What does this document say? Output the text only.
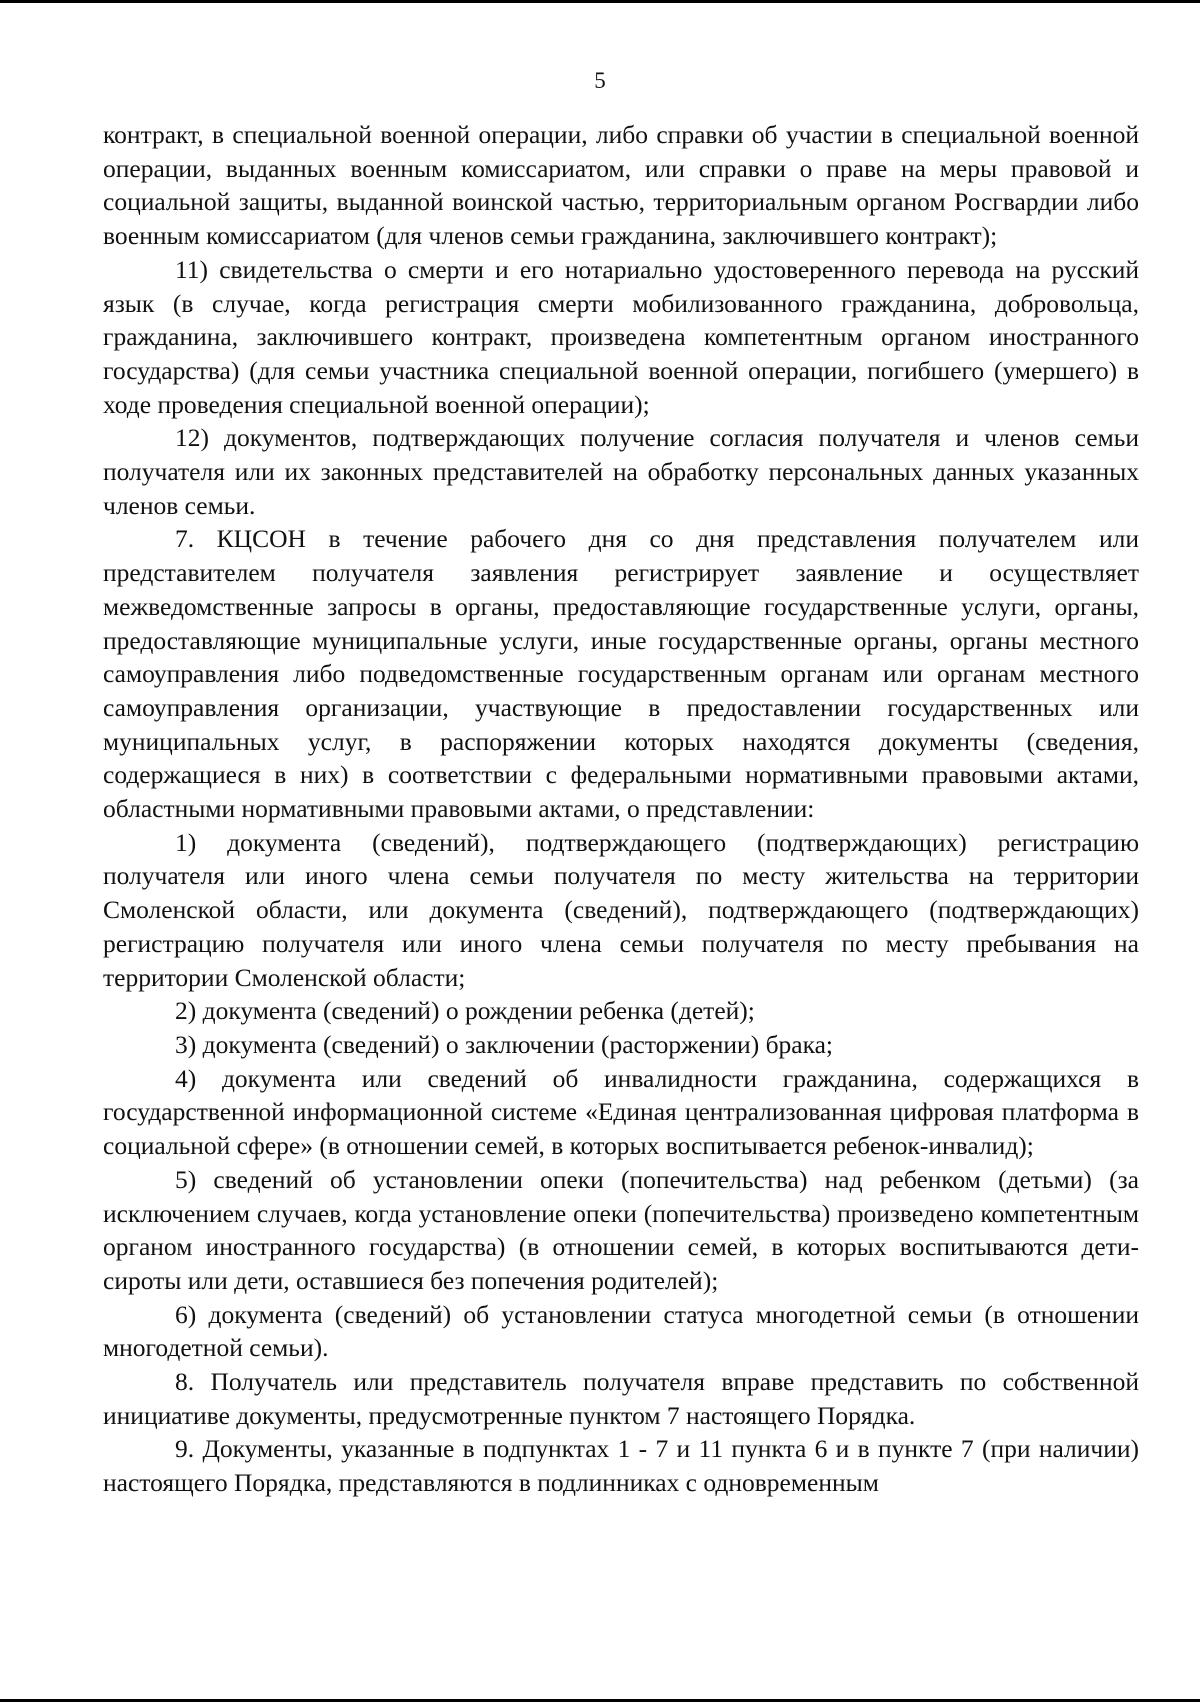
5

контракт, в специальной военной операции, либо справки об участии в специальной военной операции, выданных военным комиссариатом, или справки о праве на меры правовой и социальной защиты, выданной воинской частью, территориальным органом Росгвардии либо военным комиссариатом (для членов семьи гражданина, заключившего контракт);

11) свидетельства о смерти и его нотариально удостоверенного перевода на русский язык (в случае, когда регистрация смерти мобилизованного гражданина, добровольца, гражданина, заключившего контракт, произведена компетентным органом иностранного государства) (для семьи участника специальной военной операции, погибшего (умершего) в ходе проведения специальной военной операции);

12) документов, подтверждающих получение согласия получателя и членов семьи получателя или их законных представителей на обработку персональных данных указанных членов семьи.

7. КЦСОН в течение рабочего дня со дня представления получателем или представителем получателя заявления регистрирует заявление и осуществляет межведомственные запросы в органы, предоставляющие государственные услуги, органы, предоставляющие муниципальные услуги, иные государственные органы, органы местного самоуправления либо подведомственные государственным органам или органам местного самоуправления организации, участвующие в предоставлении государственных или муниципальных услуг, в распоряжении которых находятся документы (сведения, содержащиеся в них) в соответствии с федеральными нормативными правовыми актами, областными нормативными правовыми актами, о представлении:

1) документа (сведений), подтверждающего (подтверждающих) регистрацию получателя или иного члена семьи получателя по месту жительства на территории Смоленской области, или документа (сведений), подтверждающего (подтверждающих) регистрацию получателя или иного члена семьи получателя по месту пребывания на территории Смоленской области;

2) документа (сведений) о рождении ребенка (детей);

3) документа (сведений) о заключении (расторжении) брака;

4) документа или сведений об инвалидности гражданина, содержащихся в государственной информационной системе «Единая централизованная цифровая платформа в социальной сфере» (в отношении семей, в которых воспитывается ребенок-инвалид);

5) сведений об установлении опеки (попечительства) над ребенком (детьми) (за исключением случаев, когда установление опеки (попечительства) произведено компетентным органом иностранного государства) (в отношении семей, в которых воспитываются дети-сироты или дети, оставшиеся без попечения родителей);

6) документа (сведений) об установлении статуса многодетной семьи (в отношении многодетной семьи).

8. Получатель или представитель получателя вправе представить по собственной инициативе документы, предусмотренные пунктом 7 настоящего Порядка.

9. Документы, указанные в подпунктах 1 - 7 и 11 пункта 6 и в пункте 7 (при наличии) настоящего Порядка, представляются в подлинниках с одновременным
